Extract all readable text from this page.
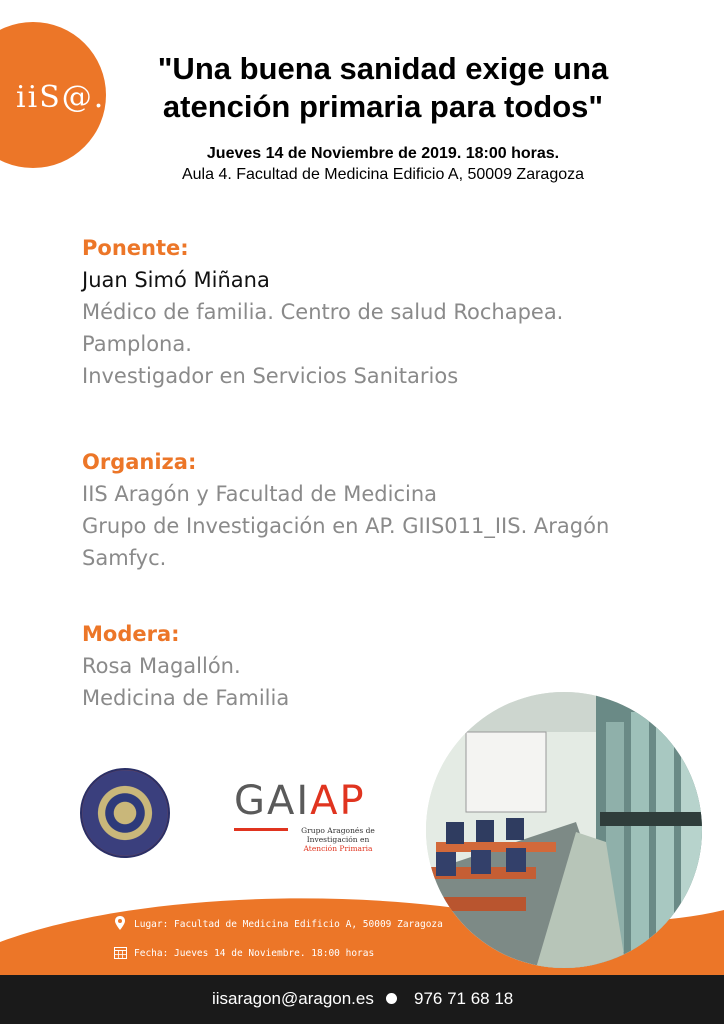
iiS@.
"Una buena sanidad exige una
atención primaria para todos"
Jueves 14 de Noviembre de 2019. 18:00 horas.
Aula 4. Facultad de Medicina Edificio A, 50009 Zaragoza
Ponente:
Juan Simó Miñana
Médico de familia. Centro de salud Rochapea.
Pamplona.
Investigador en Servicios Sanitarios
Organiza:
IIS Aragón y Facultad de Medicina
Grupo de Investigación en AP. GIIS011_IIS. Aragón
Samfyc.
Modera:
Rosa Magallón.
Medicina de Familia
GAIAP
Grupo Aragonés de
Investigación en
Atención Primaria
Lugar: Facultad de Medicina Edificio A, 50009 Zaragoza
Fecha: Jueves 14 de Noviembre. 18:00 horas
iisaragon@aragon.es 976 71 68 18
